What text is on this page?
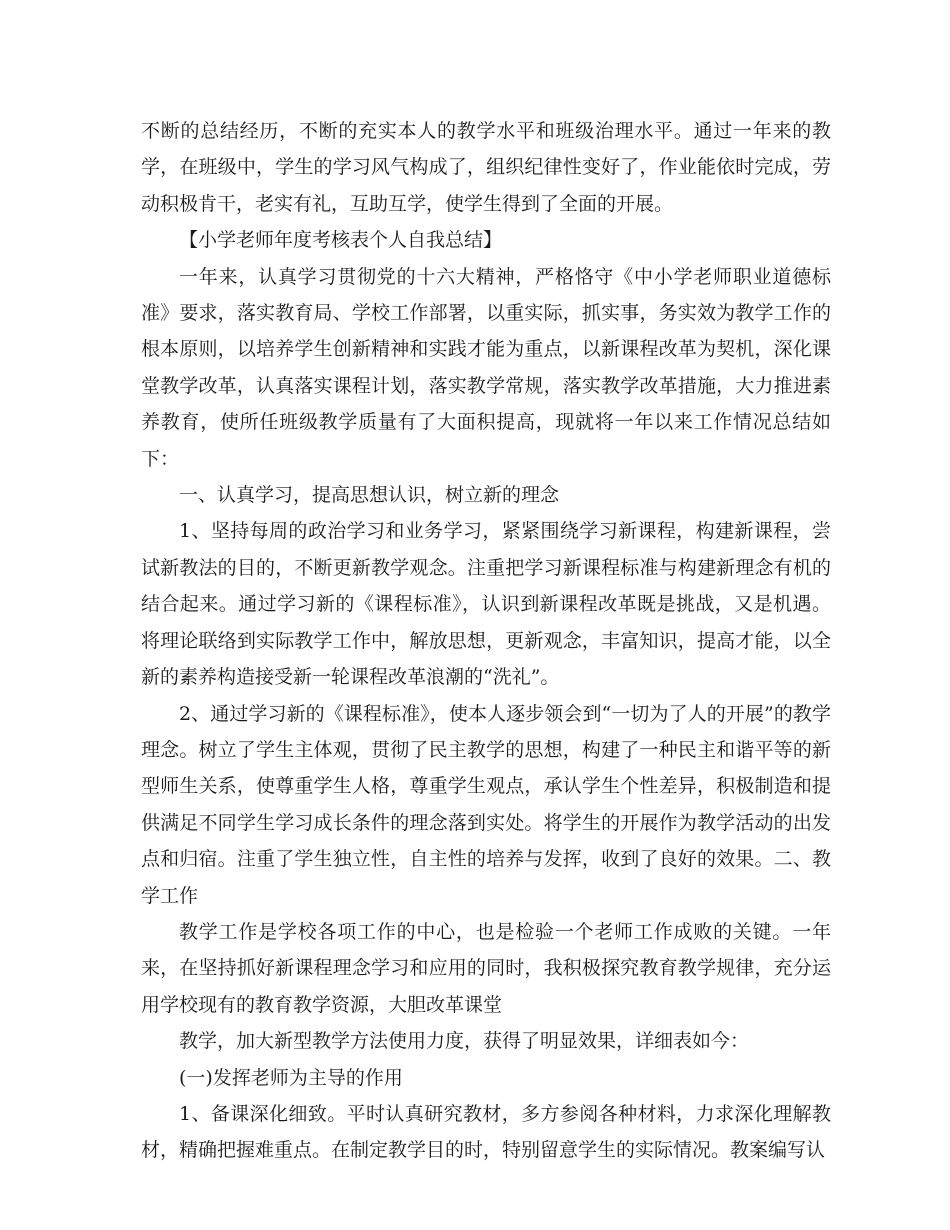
不断的总结经历，不断的充实本人的教学水平和班级治理水平。通过一年来的教学，在班级中，学生的学习风气构成了，组织纪律性变好了，作业能依时完成，劳动积极肯干，老实有礼，互助互学，使学生得到了全面的开展。

【小学老师年度考核表个人自我总结】

一年来，认真学习贯彻党的十六大精神，严格恪守《中小学老师职业道德标准》要求，落实教育局、学校工作部署，以重实际，抓实事，务实效为教学工作的根本原则，以培养学生创新精神和实践才能为重点，以新课程改革为契机，深化课堂教学改革，认真落实课程计划，落实教学常规，落实教学改革措施，大力推进素养教育，使所任班级教学质量有了大面积提高，现就将一年以来工作情况总结如下：

一、认真学习，提高思想认识，树立新的理念

1、坚持每周的政治学习和业务学习，紧紧围绕学习新课程，构建新课程，尝试新教法的目的，不断更新教学观念。注重把学习新课程标准与构建新理念有机的结合起来。通过学习新的《课程标准》，认识到新课程改革既是挑战，又是机遇。将理论联络到实际教学工作中，解放思想，更新观念，丰富知识，提高才能，以全新的素养构造接受新一轮课程改革浪潮的“洗礼”。

2、通过学习新的《课程标准》，使本人逐步领会到“一切为了人的开展”的教学理念。树立了学生主体观，贯彻了民主教学的思想，构建了一种民主和谐平等的新型师生关系，使尊重学生人格，尊重学生观点，承认学生个性差异，积极制造和提供满足不同学生学习成长条件的理念落到实处。将学生的开展作为教学活动的出发点和归宿。注重了学生独立性，自主性的培养与发挥，收到了良好的效果。二、教学工作

教学工作是学校各项工作的中心，也是检验一个老师工作成败的关键。一年来，在坚持抓好新课程理念学习和应用的同时，我积极探究教育教学规律，充分运用学校现有的教育教学资源，大胆改革课堂

教学，加大新型教学方法使用力度，获得了明显效果，详细表如今：

(一)发挥老师为主导的作用

1、备课深化细致。平时认真研究教材，多方参阅各种材料，力求深化理解教材，精确把握难重点。在制定教学目的时，特别留意学生的实际情况。教案编写认
